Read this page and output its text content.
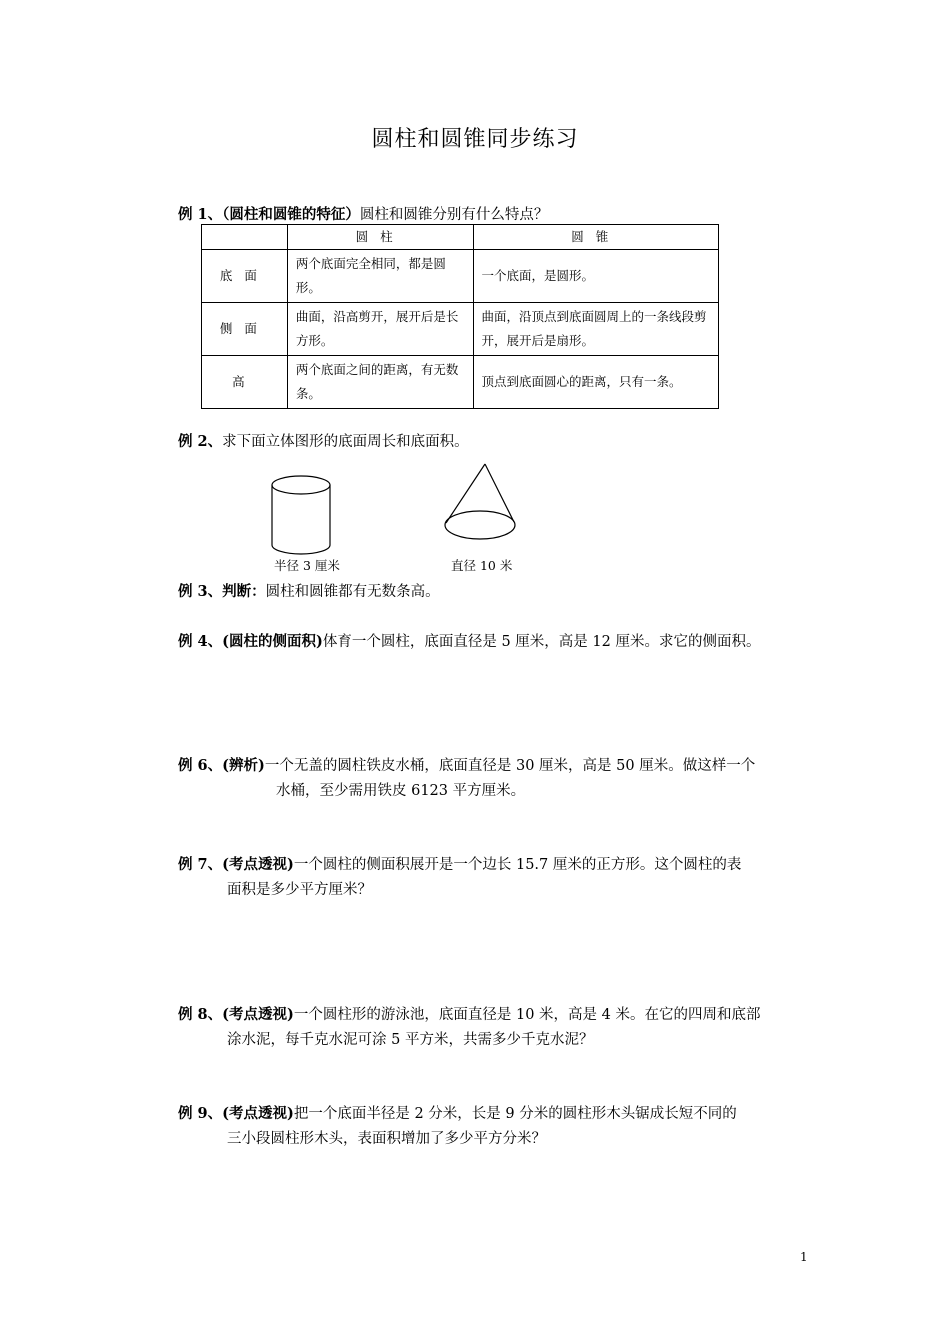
圆柱和圆锥同步练习
例 1、（圆柱和圆锥的特征）圆柱和圆锥分别有什么特点？
	圆柱	圆锥
底面	两个底面完全相同，都是圆形。	一个底面，是圆形。
侧面	曲面，沿高剪开，展开后是长方形。	曲面，沿顶点到底面圆周上的一条线段剪开，展开后是扇形。
高	两个底面之间的距离，有无数条。	顶点到底面圆心的距离，只有一条。
例 2、求下面立体图形的底面周长和底面积。
半径 3 厘米	直径 10 米
例 3、判断：圆柱和圆锥都有无数条高。
例 4、(圆柱的侧面积)体育一个圆柱，底面直径是 5 厘米，高是 12 厘米。求它的侧面积。
例 6、(辨析)一个无盖的圆柱铁皮水桶，底面直径是 30 厘米，高是 50 厘米。做这样一个
水桶，至少需用铁皮 6123 平方厘米。
例 7、(考点透视)一个圆柱的侧面积展开是一个边长 15.7 厘米的正方形。这个圆柱的表
面积是多少平方厘米？
例 8、(考点透视)一个圆柱形的游泳池，底面直径是 10 米，高是 4 米。在它的四周和底部
涂水泥，每千克水泥可涂 5 平方米，共需多少千克水泥？
例 9、(考点透视)把一个底面半径是 2 分米，长是 9 分米的圆柱形木头锯成长短不同的
三小段圆柱形木头，表面积增加了多少平方分米？
1
